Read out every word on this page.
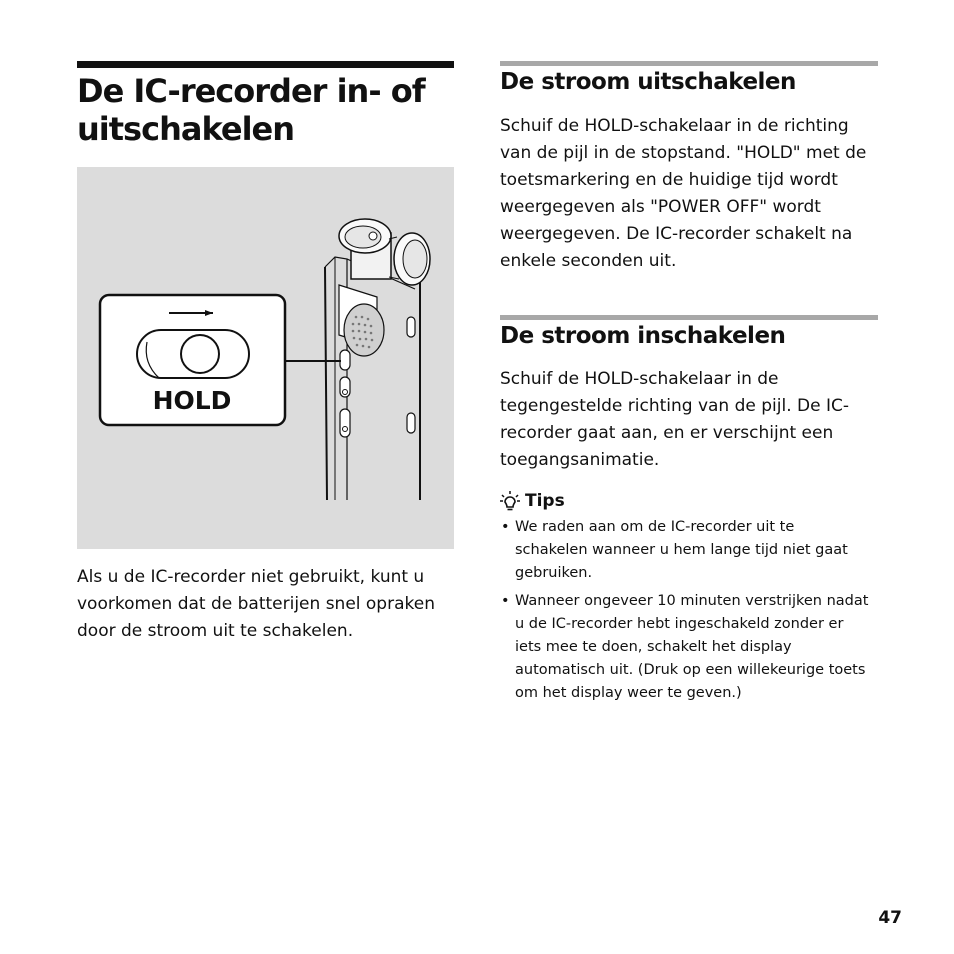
De IC-recorder in- of uitschakelen
HOLD

Als u de IC-recorder niet gebruikt, kunt u voorkomen dat de batterijen snel opraken door de stroom uit te schakelen.

De stroom uitschakelen

Schuif de HOLD-schakelaar in de richting van de pijl in de stopstand. "HOLD" met de toetsmarkering en de huidige tijd wordt weergegeven als "POWER OFF" wordt weergegeven. De IC-recorder schakelt na enkele seconden uit.

De stroom inschakelen

Schuif de HOLD-schakelaar in de tegengestelde richting van de pijl. De IC-recorder gaat aan, en er verschijnt een toegangsanimatie.

Tips
• We raden aan om de IC-recorder uit te schakelen wanneer u hem lange tijd niet gaat gebruiken.
• Wanneer ongeveer 10 minuten verstrijken nadat u de IC-recorder hebt ingeschakeld zonder er iets mee te doen, schakelt het display automatisch uit. (Druk op een willekeurige toets om het display weer te geven.)
47
